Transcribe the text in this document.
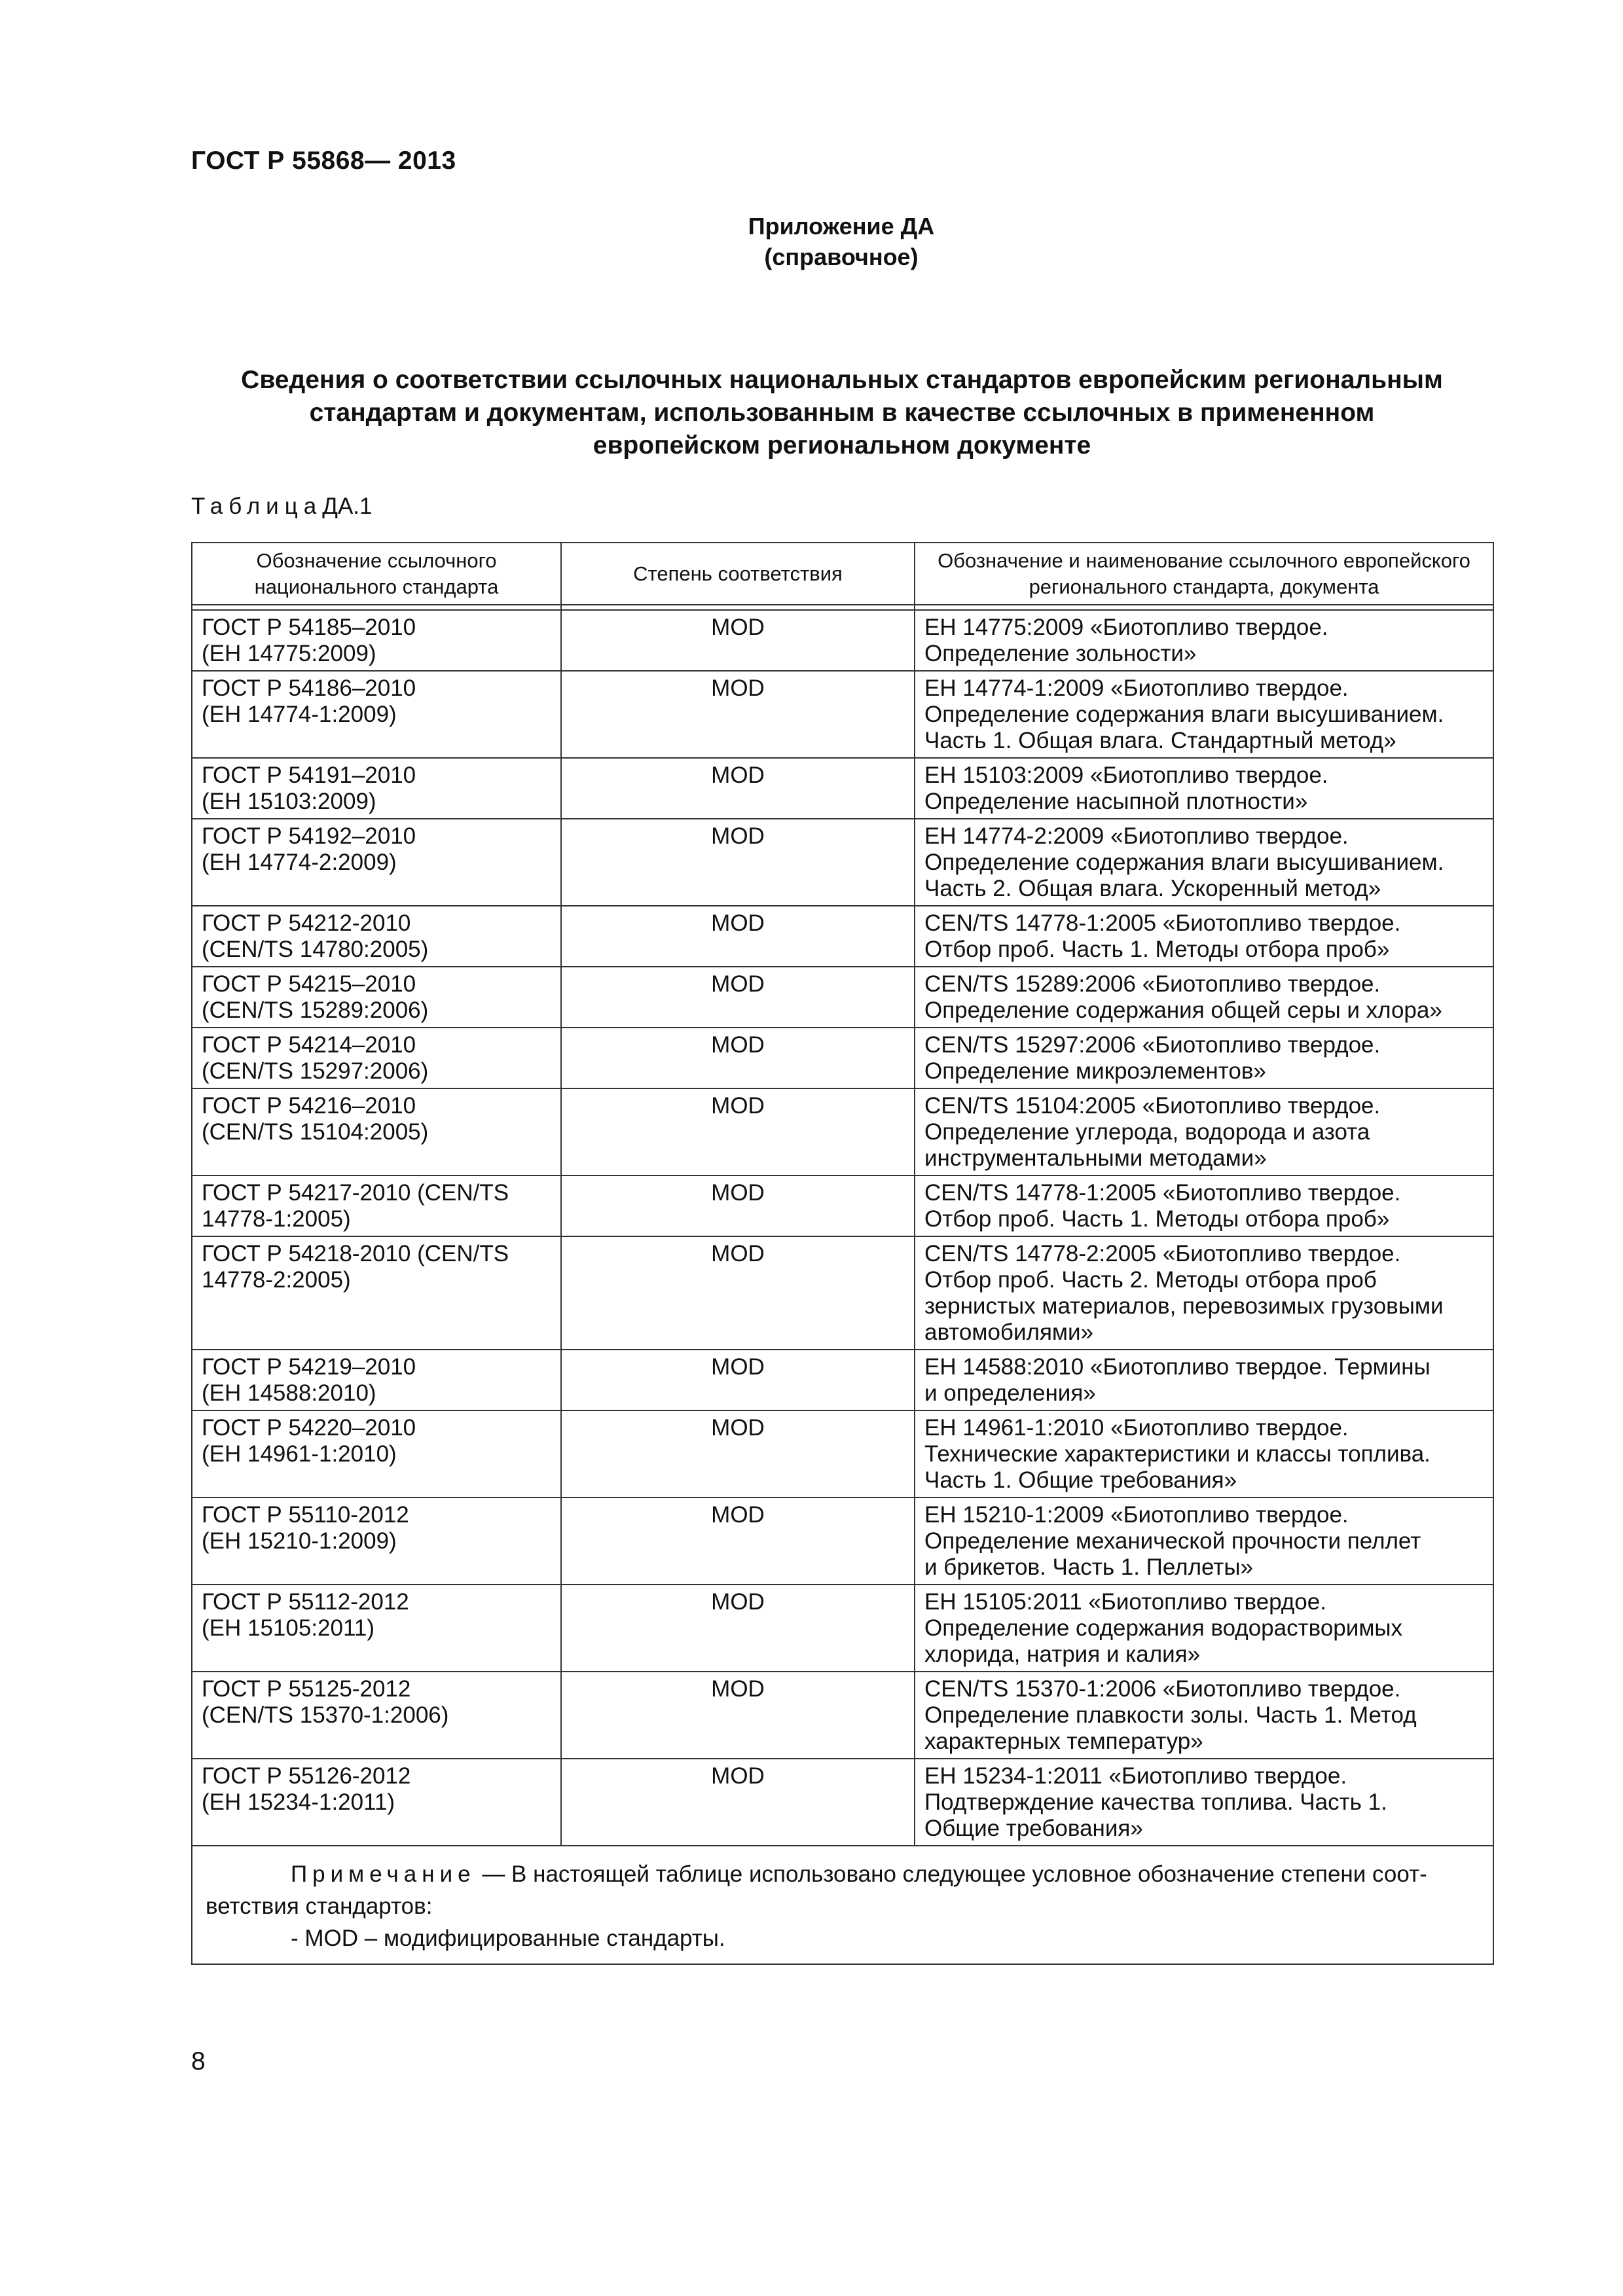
ГОСТ Р 55868— 2013
Приложение ДА
(справочное)
Сведения о соответствии ссылочных национальных стандартов европейским региональным
стандартам и документам, использованным в качестве ссылочных в примененном
европейском региональном документе
ТаблицаДА.1
Обозначение ссылочного национального стандарта	Степень соответствия	Обозначение и наименование ссылочного европейского регионального стандарта, документа

ГОСТ Р 54185–2010
(ЕН 14775:2009)	MOD	ЕН 14775:2009 «Биотопливо твердое.
Определение зольности»
ГОСТ Р 54186–2010
(ЕН 14774-1:2009)	MOD	ЕН 14774-1:2009 «Биотопливо твердое.
Определение содержания влаги высушиванием.
Часть 1. Общая влага. Стандартный метод»
ГОСТ Р 54191–2010
(ЕН 15103:2009)	MOD	ЕН 15103:2009 «Биотопливо твердое.
Определение насыпной плотности»
ГОСТ Р 54192–2010
(ЕН 14774-2:2009)	MOD	ЕН 14774-2:2009 «Биотопливо твердое.
Определение содержания влаги высушиванием.
Часть 2. Общая влага. Ускоренный метод»
ГОСТ Р 54212-2010
(CEN/TS 14780:2005)	MOD	CEN/TS 14778-1:2005 «Биотопливо твердое.
Отбор проб. Часть 1. Методы отбора проб»
ГОСТ Р 54215–2010
(CEN/TS 15289:2006)	MOD	CEN/TS 15289:2006 «Биотопливо твердое.
Определение содержания общей серы и хлора»
ГОСТ Р 54214–2010
(CEN/TS 15297:2006)	MOD	CEN/TS 15297:2006 «Биотопливо твердое.
Определение микроэлементов»
ГОСТ Р 54216–2010
(CEN/TS 15104:2005)	MOD	CEN/TS 15104:2005 «Биотопливо твердое.
Определение углерода, водорода и азота
инструментальными методами»
ГОСТ Р 54217-2010 (CEN/TS
14778-1:2005)	MOD	CEN/TS 14778-1:2005 «Биотопливо твердое.
Отбор проб. Часть 1. Методы отбора проб»
ГОСТ Р 54218-2010 (CEN/TS
14778-2:2005)	MOD	CEN/TS 14778-2:2005 «Биотопливо твердое.
Отбор проб. Часть 2. Методы отбора проб
зернистых материалов, перевозимых грузовыми
автомобилями»
ГОСТ Р 54219–2010
(ЕН 14588:2010)	MOD	ЕН 14588:2010 «Биотопливо твердое. Термины
и определения»
ГОСТ Р 54220–2010
(ЕН 14961-1:2010)	MOD	ЕН 14961-1:2010 «Биотопливо твердое.
Технические характеристики и классы топлива.
Часть 1. Общие требования»
ГОСТ Р 55110-2012
(ЕН 15210-1:2009)	MOD	ЕН 15210-1:2009 «Биотопливо твердое.
Определение механической прочности пеллет
и брикетов. Часть 1. Пеллеты»
ГОСТ Р 55112-2012
(ЕН 15105:2011)	MOD	ЕН 15105:2011 «Биотопливо твердое.
Определение содержания водорастворимых
хлорида, натрия и калия»
ГОСТ Р 55125-2012
(CEN/TS 15370-1:2006)	MOD	CEN/TS 15370-1:2006 «Биотопливо твердое.
Определение плавкости золы. Часть 1. Метод
характерных температур»
ГОСТ Р 55126-2012
(ЕН 15234-1:2011)	MOD	ЕН 15234-1:2011 «Биотопливо твердое.
Подтверждение качества топлива. Часть 1.
Общие требования»

Примечание — В настоящей таблице использовано следующее условное обозначение степени соот-
ветствия стандартов:
- MOD – модифицированные стандарты.		
8
